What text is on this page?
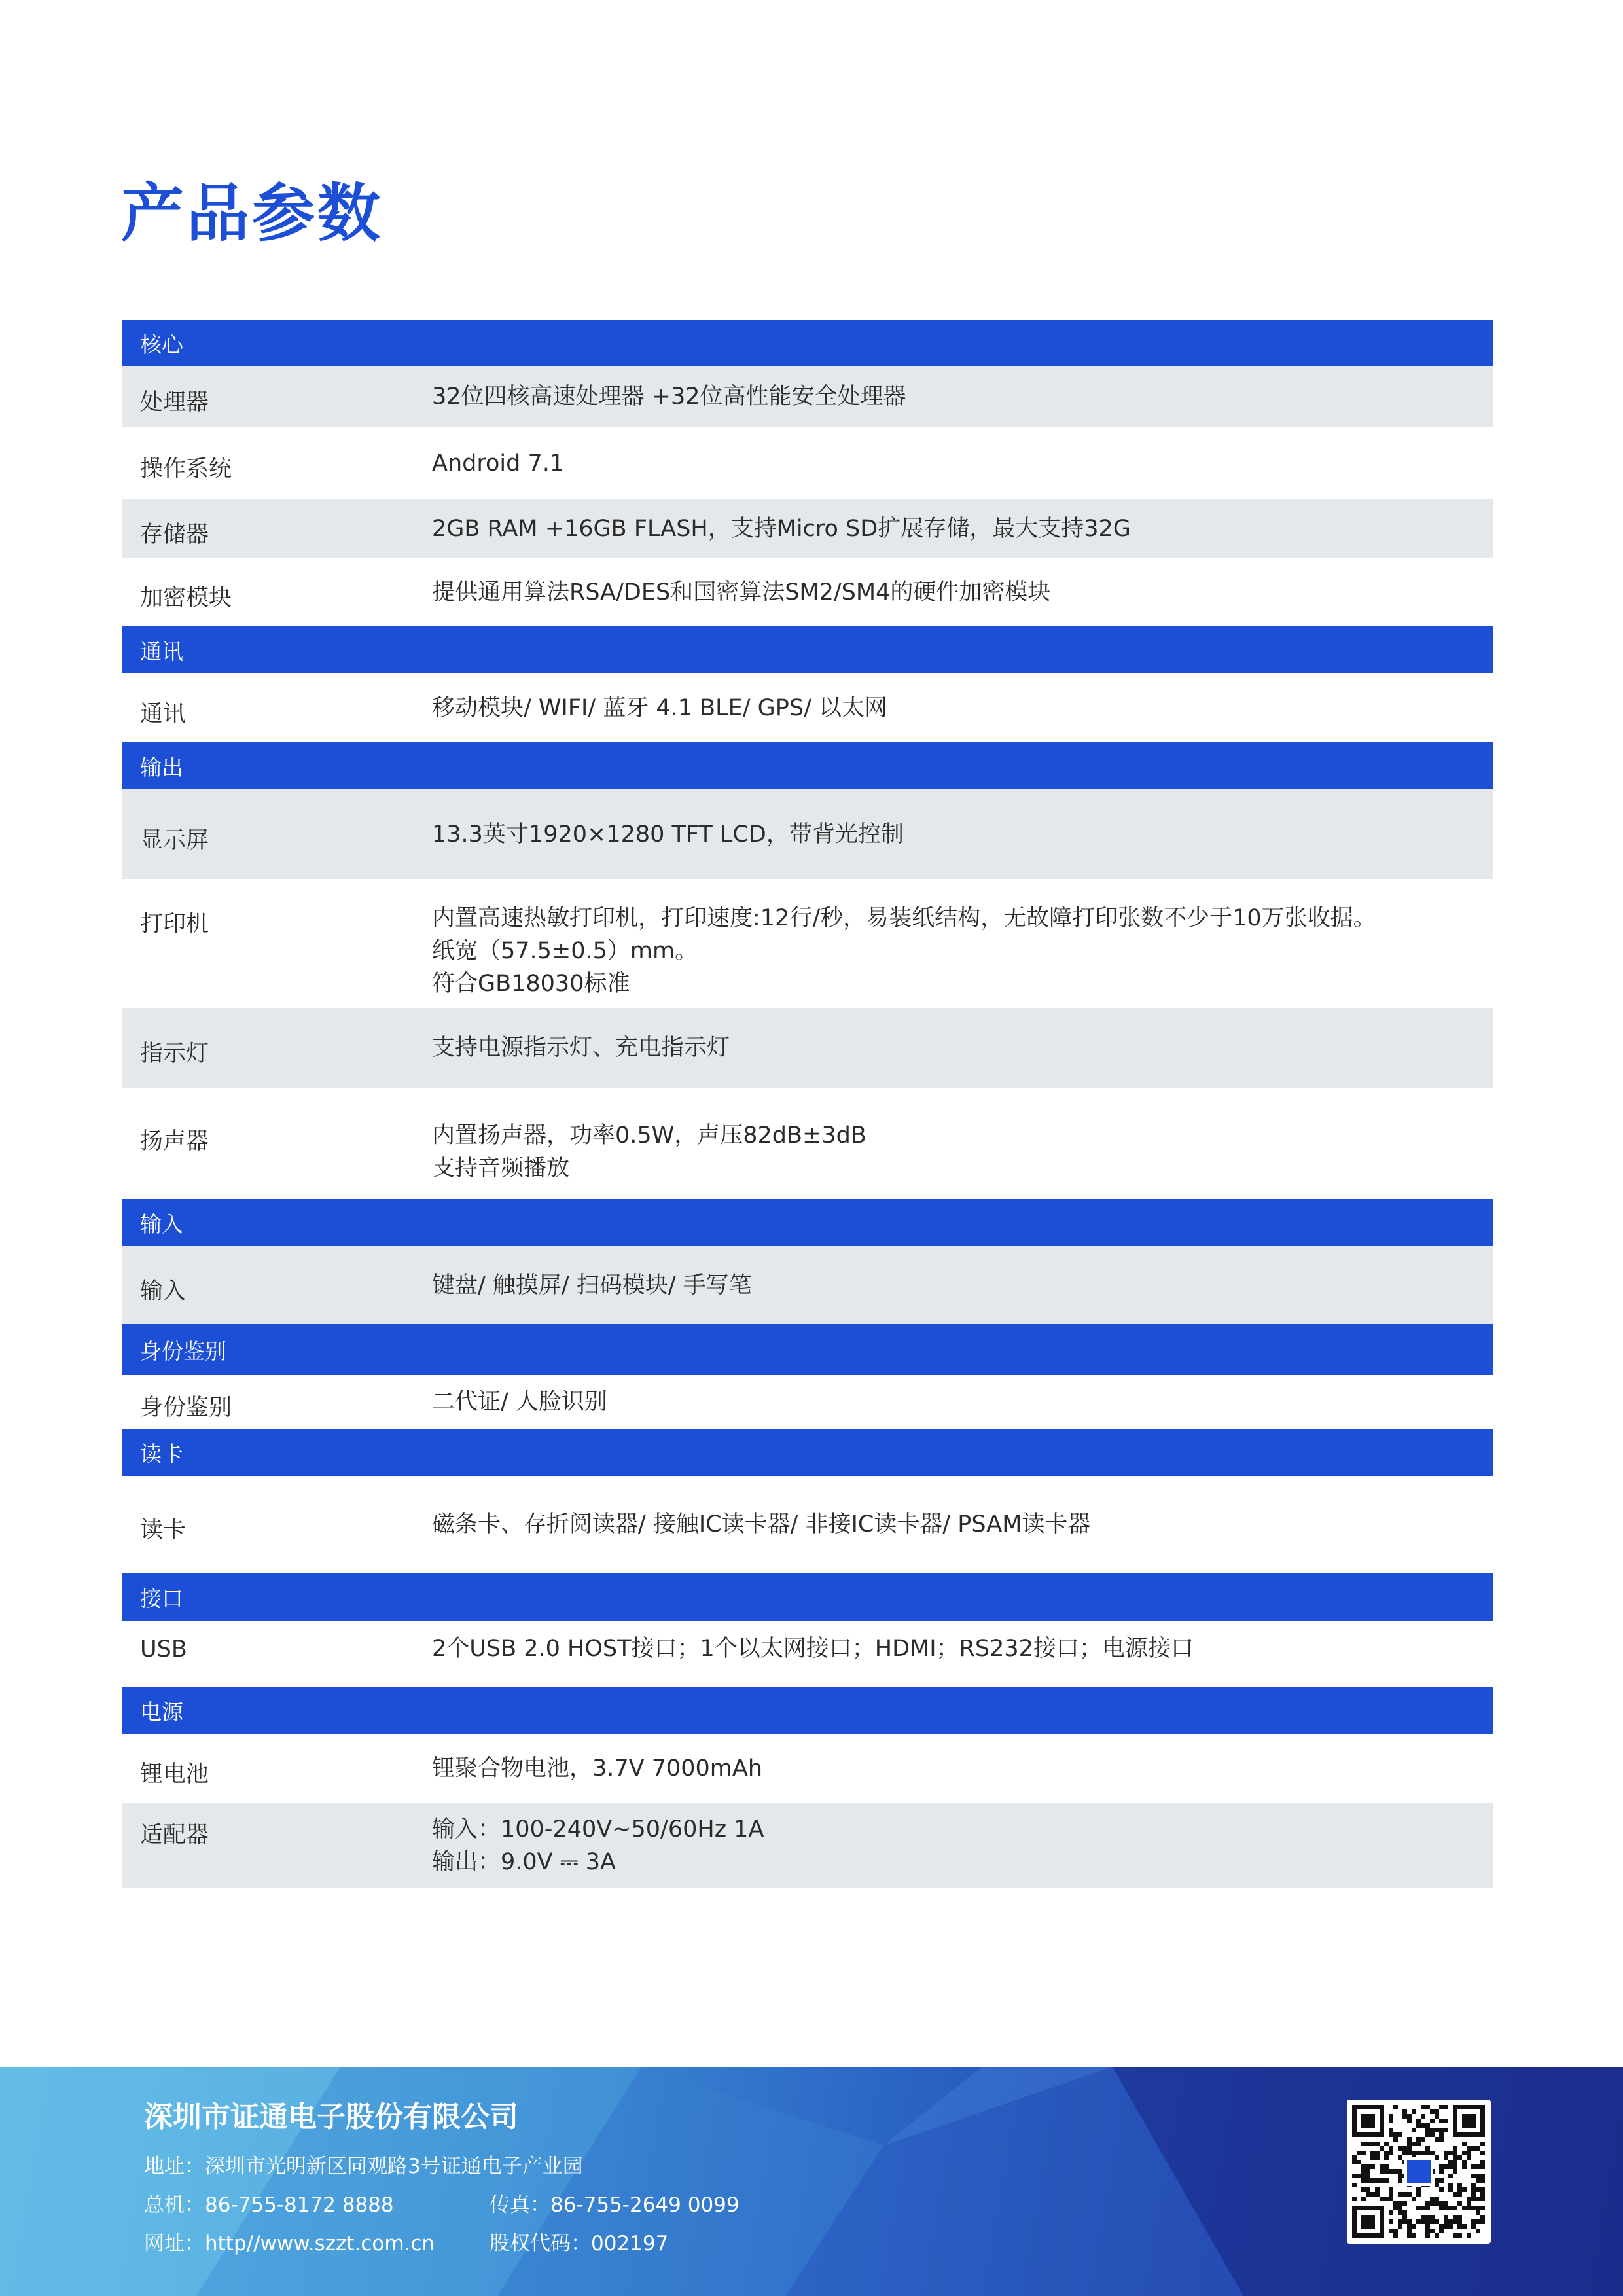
产品参数
核心
处理器	32位四核高速处理器 +32位高性能安全处理器
操作系统	Android 7.1
存储器	2GB RAM +16GB FLASH，支持Micro SD扩展存储，最大支持32G
加密模块	提供通用算法RSA/DES和国密算法SM2/SM4的硬件加密模块
通讯
通讯	移动模块/ WIFI/ 蓝牙 4.1 BLE/ GPS/ 以太网
输出
显示屏	13.3英寸1920×1280 TFT LCD，带背光控制
打印机	内置高速热敏打印机，打印速度:12行/秒，易装纸结构，无故障打印张数不少于10万张收据。
纸宽（57.5±0.5）mm。
符合GB18030标准
指示灯	支持电源指示灯、充电指示灯
扬声器	内置扬声器，功率0.5W，声压82dB±3dB
支持音频播放
输入
输入	键盘/ 触摸屏/ 扫码模块/ 手写笔
身份鉴别
身份鉴别	二代证/ 人脸识别
读卡
读卡	磁条卡、存折阅读器/ 接触IC读卡器/ 非接IC读卡器/ PSAM读卡器
接口
USB	2个USB 2.0 HOST接口；1个以太网接口；HDMI；RS232接口；电源接口
电源
锂电池	锂聚合物电池，3.7V 7000mAh
适配器	输入：100-240V~50/60Hz 1A
输出：9.0V ⎓ 3A
深圳市证通电子股份有限公司
地址：深圳市光明新区同观路3号证通电子产业园
总机：86-755-8172 8888	传真：86-755-2649 0099
网址：http//www.szzt.com.cn	股权代码：002197
